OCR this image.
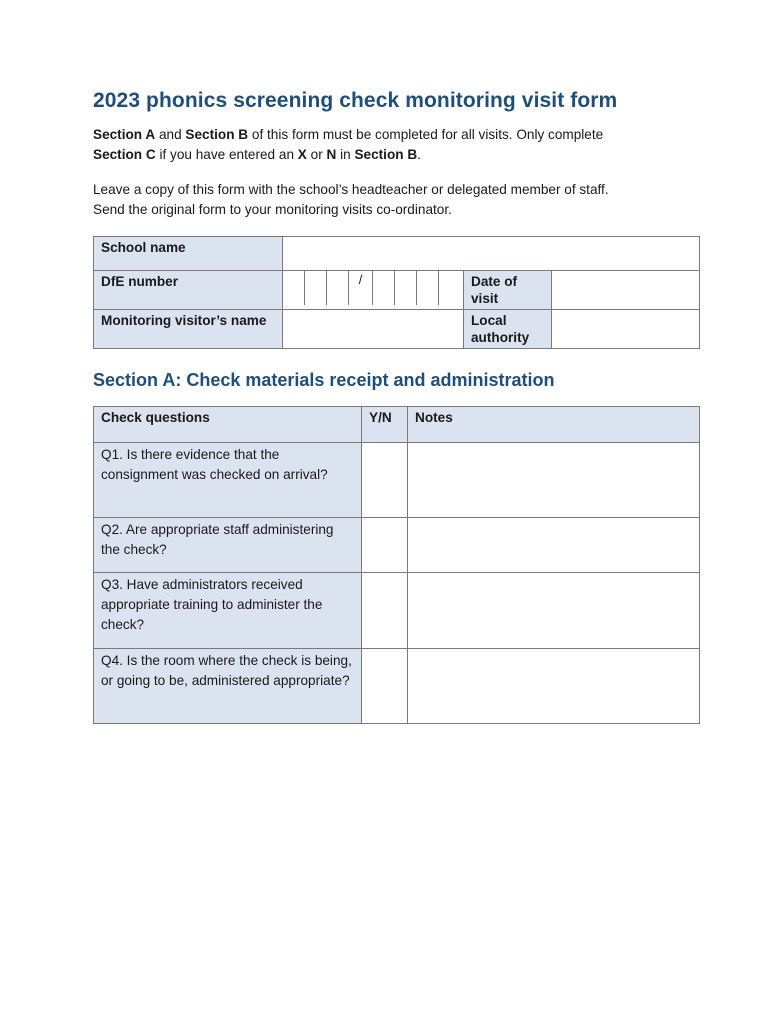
2023 phonics screening check monitoring visit form

Section A and Section B of this form must be completed for all visits. Only complete
Section C if you have entered an X or N in Section B.

Leave a copy of this form with the school’s headteacher or delegated member of staff.
Send the original form to your monitoring visits co-ordinator.

School name			
DfE number	/	Date of visit	
Monitoring visitor’s name		Local authority	
Section A: Check materials receipt and administration
Check questions	Y/N	Notes
Q1. Is there evidence that the consignment was checked on arrival?		
Q2. Are appropriate staff administering the check?		
Q3. Have administrators received appropriate training to administer the check?		
Q4. Is the room where the check is being, or going to be, administered appropriate?		
